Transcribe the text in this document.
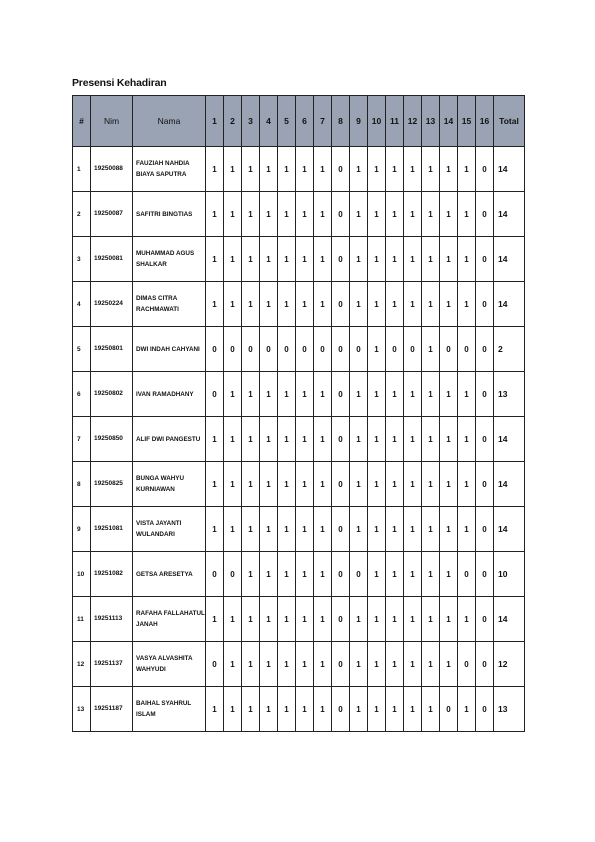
Presensi Kehadiran
#	Nim	Nama	1	2	3	4	5	6	7	8	9	10	11	12	13	14	15	16	Total
1	19250088	FAUZIAH NAHDIA BIAYA SAPUTRA	1	1	1	1	1	1	1	0	1	1	1	1	1	1	1	0	14
2	19250087	SAFITRI BINGTIAS	1	1	1	1	1	1	1	0	1	1	1	1	1	1	1	0	14
3	19250081	MUHAMMAD AGUS SHALKAR	1	1	1	1	1	1	1	0	1	1	1	1	1	1	1	0	14
4	19250224	DIMAS CITRA RACHMAWATI	1	1	1	1	1	1	1	0	1	1	1	1	1	1	1	0	14
5	19250801	DWI INDAH CAHYANI	0	0	0	0	0	0	0	0	0	1	0	0	1	0	0	0	2
6	19250802	IVAN RAMADHANY	0	1	1	1	1	1	1	0	1	1	1	1	1	1	1	0	13
7	19250850	ALIF DWI PANGESTU	1	1	1	1	1	1	1	0	1	1	1	1	1	1	1	0	14
8	19250825	BUNGA WAHYU KURNIAWAN	1	1	1	1	1	1	1	0	1	1	1	1	1	1	1	0	14
9	19251081	VISTA JAYANTI WULANDARI	1	1	1	1	1	1	1	0	1	1	1	1	1	1	1	0	14
10	19251082	GETSA ARESETYA	0	0	1	1	1	1	1	0	0	1	1	1	1	1	0	0	10
11	19251113	RAFAHA FALLAHATUL JANAH	1	1	1	1	1	1	1	0	1	1	1	1	1	1	1	0	14
12	19251137	VASYA ALVASHITA WAHYUDI	0	1	1	1	1	1	1	0	1	1	1	1	1	1	0	0	12
13	19251187	BAIHAL SYAHRUL ISLAM	1	1	1	1	1	1	1	0	1	1	1	1	1	0	1	0	13
